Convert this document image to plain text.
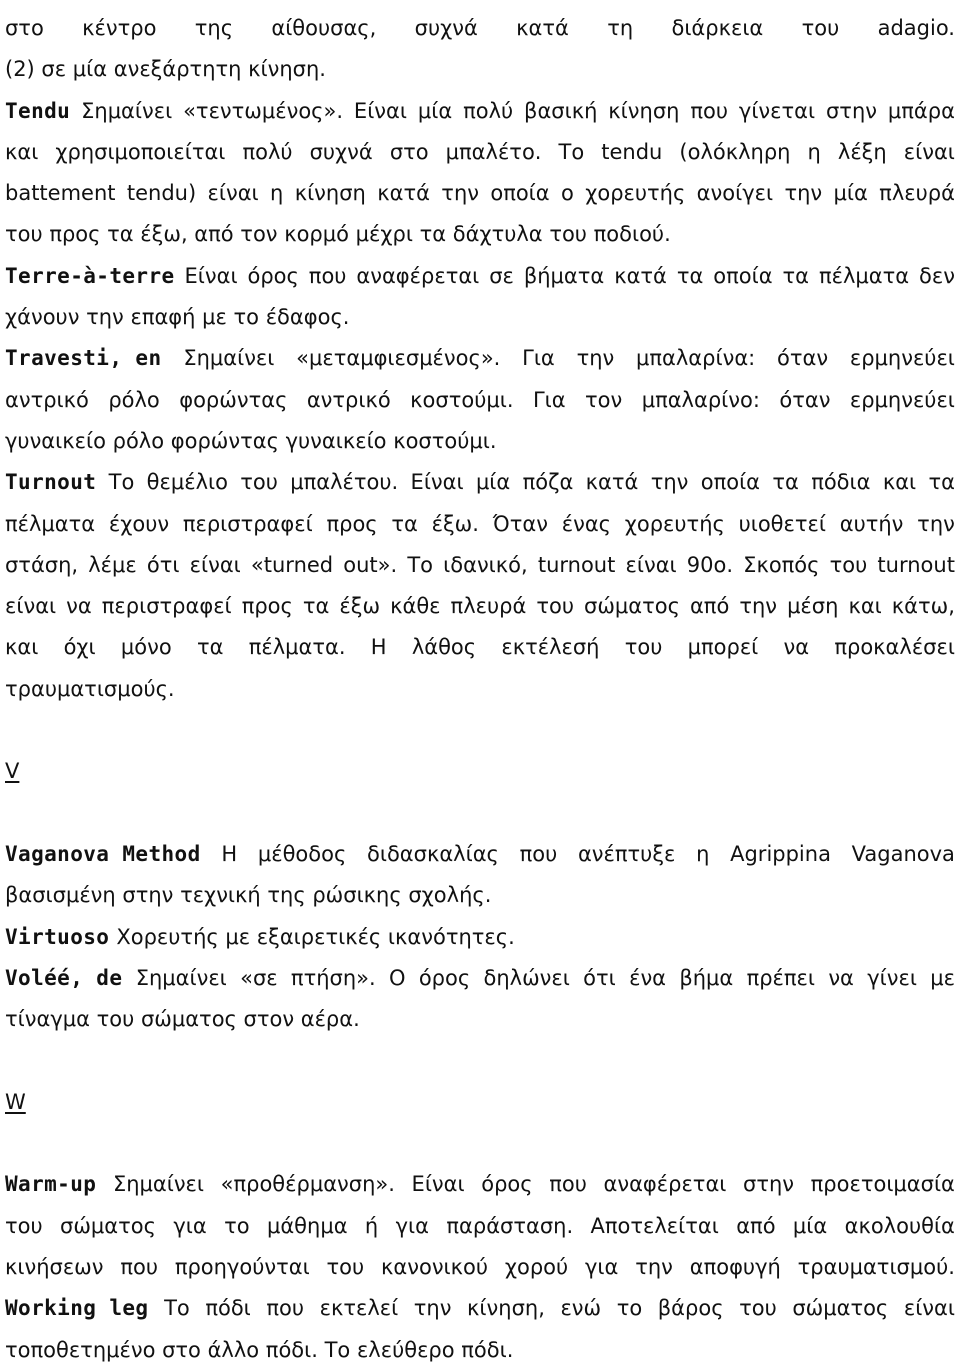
στο κέντρο της αίθουσας, συχνά κατά τη διάρκεια του adagio.
(2) σε μία ανεξάρτητη κίνηση.
Tendu Σημαίνει «τεντωμένος». Είναι μία πολύ βασική κίνηση που γίνεται στην μπάρα
και χρησιμοποιείται πολύ συχνά στο μπαλέτο. Το tendu (ολόκληρη η λέξη είναι
battement tendu) είναι η κίνηση κατά την οποία ο χορευτής ανοίγει την μία πλευρά
του προς τα έξω, από τον κορμό μέχρι τα δάχτυλα του ποδιού.
Terre-à-terre Είναι όρος που αναφέρεται σε βήματα κατά τα οποία τα πέλματα δεν
χάνουν την επαφή με το έδαφος.
Travesti, en Σημαίνει «μεταμφιεσμένος». Για την μπαλαρίνα: όταν ερμηνεύει
αντρικό ρόλο φορώντας αντρικό κοστούμι. Για τον μπαλαρίνο: όταν ερμηνεύει
γυναικείο ρόλο φορώντας γυναικείο κοστούμι.
Turnout Το θεμέλιο του μπαλέτου. Είναι μία πόζα κατά την οποία τα πόδια και τα
πέλματα έχουν περιστραφεί προς τα έξω. Όταν ένας χορευτής υιοθετεί αυτήν την
στάση, λέμε ότι είναι «turned out». Το ιδανικό, turnout είναι 90ο. Σκοπός του turnout
είναι να περιστραφεί προς τα έξω κάθε πλευρά του σώματος από την μέση και κάτω,
και όχι μόνο τα πέλματα. Η λάθος εκτέλεσή του μπορεί να προκαλέσει
τραυματισμούς.
V
Vaganova Method Η μέθοδος διδασκαλίας που ανέπτυξε η Agrippina Vaganova
βασισμένη στην τεχνική της ρώσικης σχολής.
Virtuoso Χορευτής με εξαιρετικές ικανότητες.
Voléé, de Σημαίνει «σε πτήση». Ο όρος δηλώνει ότι ένα βήμα πρέπει να γίνει με
τίναγμα του σώματος στον αέρα.
W
Warm-up Σημαίνει «προθέρμανση». Είναι όρος που αναφέρεται στην προετοιμασία
του σώματος για το μάθημα ή για παράσταση. Αποτελείται από μία ακολουθία
κινήσεων που προηγούνται του κανονικού χορού για την αποφυγή τραυματισμού.
Working leg Το πόδι που εκτελεί την κίνηση, ενώ το βάρος του σώματος είναι
τοποθετημένο στο άλλο πόδι. Το ελεύθερο πόδι.
